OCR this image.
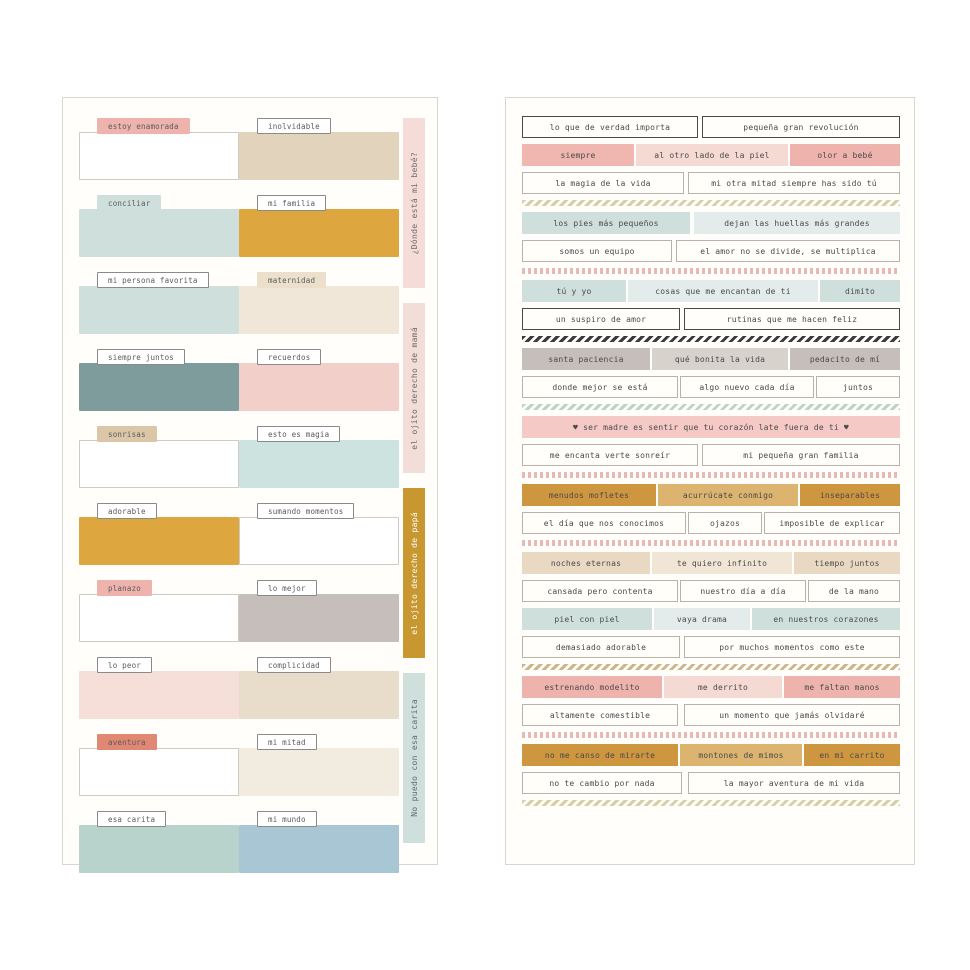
estoy enamorada
conciliar
mi persona favorita
siempre juntos
sonrisas
adorable
planazo
lo peor
aventura
esa carita
inolvidable
mi familia
maternidad
recuerdos
esto es magia
sumando momentos
lo mejor
complicidad
mi mitad
mi mundo
¿Dónde está mi bebé?
el ojito derecho de mamá
el ojito derecho de papá
No puedo con esa carita
lo que de verdad importa	pequeña gran revolución
siempre	al otro lado de la piel	olor a bebé
la magia de la vida	mi otra mitad siempre has sido tú
los pies más pequeños	dejan las huellas más grandes
somos un equipo	el amor no se divide, se multiplica
tú y yo	cosas que me encantan de ti	dimito
un suspiro de amor	rutinas que me hacen feliz
santa paciencia	qué bonita la vida	pedacito de mí
donde mejor se está	algo nuevo cada día	juntos
♥ ser madre es sentir que tu corazón late fuera de ti ♥
me encanta verte sonreír	mi pequeña gran familia
menudos mofletes	acurrúcate conmigo	inseparables
el día que nos conocimos	ojazos	imposible de explicar
noches eternas	te quiero infinito	tiempo juntos
cansada pero contenta	nuestro día a día	de la mano
piel con piel	vaya drama	en nuestros corazones
demasiado adorable	por muchos momentos como este
estrenando modelito	me derrito	me faltan manos
altamente comestible	un momento que jamás olvidaré
no me canso de mirarte	montones de mimos	en mi carrito
no te cambio por nada	la mayor aventura de mi vida
